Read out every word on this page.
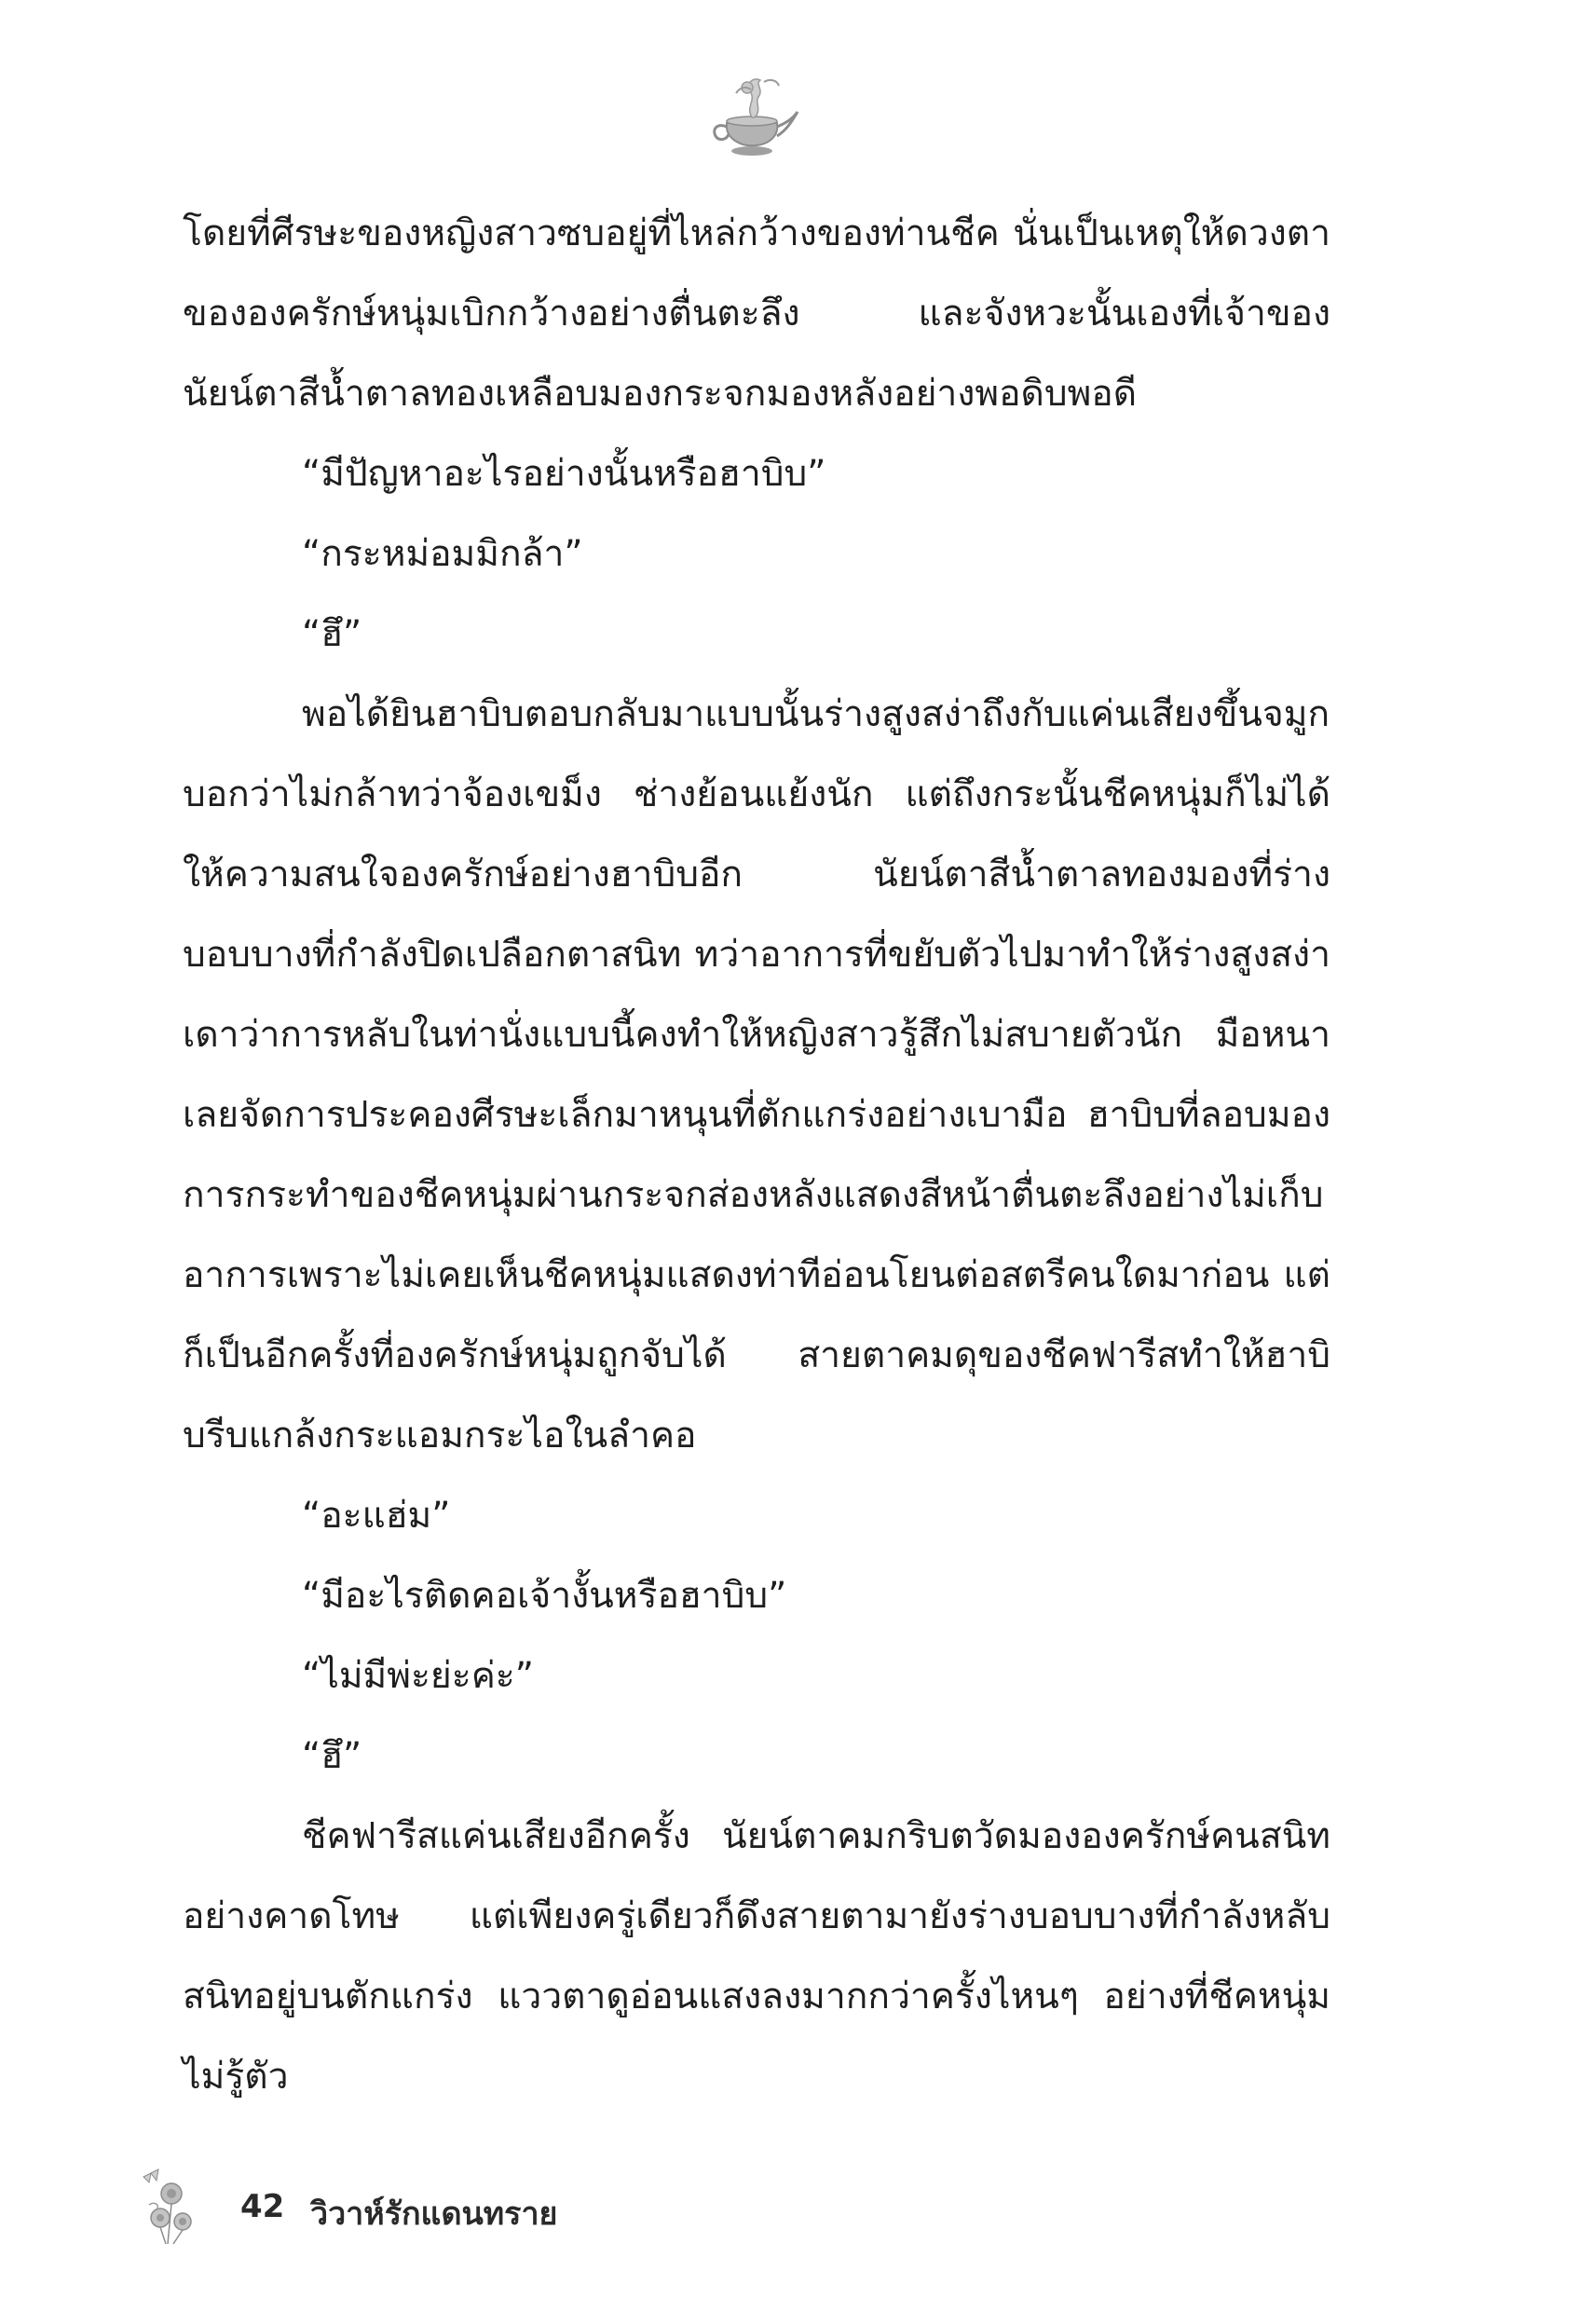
โดยที่ศีรษะของหญิงสาวซบอยู่ที่ไหล่กว้างของท่านชีค นั่นเป็นเหตุให้ดวงตาขององครักษ์หนุ่มเบิกกว้างอย่างตื่นตะลึง และจังหวะนั้นเองที่เจ้าของนัยน์ตาสีน้ำตาลทองเหลือบมองกระจกมองหลังอย่างพอดิบพอดี

“มีปัญหาอะไรอย่างนั้นหรือฮาบิบ”

“กระหม่อมมิกล้า”

“ฮึ”

พอได้ยินฮาบิบตอบกลับมาแบบนั้นร่างสูงสง่าถึงกับแค่นเสียงขึ้นจมูก บอกว่าไม่กล้าทว่าจ้องเขม็ง ช่างย้อนแย้งนัก แต่ถึงกระนั้นชีคหนุ่มก็ไม่ได้ให้ความสนใจองครักษ์อย่างฮาบิบอีก นัยน์ตาสีน้ำตาลทองมองที่ร่างบอบบางที่กำลังปิดเปลือกตาสนิท ทว่าอาการที่ขยับตัวไปมาทำให้ร่างสูงสง่าเดาว่าการหลับในท่านั่งแบบนี้คงทำให้หญิงสาวรู้สึกไม่สบายตัวนัก มือหนาเลยจัดการประคองศีรษะเล็กมาหนุนที่ตักแกร่งอย่างเบามือ ฮาบิบที่ลอบมองการกระทำของชีคหนุ่มผ่านกระจกส่องหลังแสดงสีหน้าตื่นตะลึงอย่างไม่เก็บอาการเพราะไม่เคยเห็นชีคหนุ่มแสดงท่าทีอ่อนโยนต่อสตรีคนใดมาก่อน แต่ก็เป็นอีกครั้งที่องครักษ์หนุ่มถูกจับได้ สายตาคมดุของชีคฟารีสทำให้ฮาบิบรีบแกล้งกระแอมกระไอในลำคอ

“อะแฮ่ม”

“มีอะไรติดคอเจ้างั้นหรือฮาบิบ”

“ไม่มีพ่ะย่ะค่ะ”

“ฮึ”

ชีคฟารีสแค่นเสียงอีกครั้ง นัยน์ตาคมกริบตวัดมององครักษ์คนสนิทอย่างคาดโทษ แต่เพียงครู่เดียวก็ดึงสายตามายังร่างบอบบางที่กำลังหลับสนิทอยู่บนตักแกร่ง แววตาดูอ่อนแสงลงมากกว่าครั้งไหนๆ อย่างที่ชีคหนุ่มไม่รู้ตัว

42 วิวาห์รักแดนทราย
